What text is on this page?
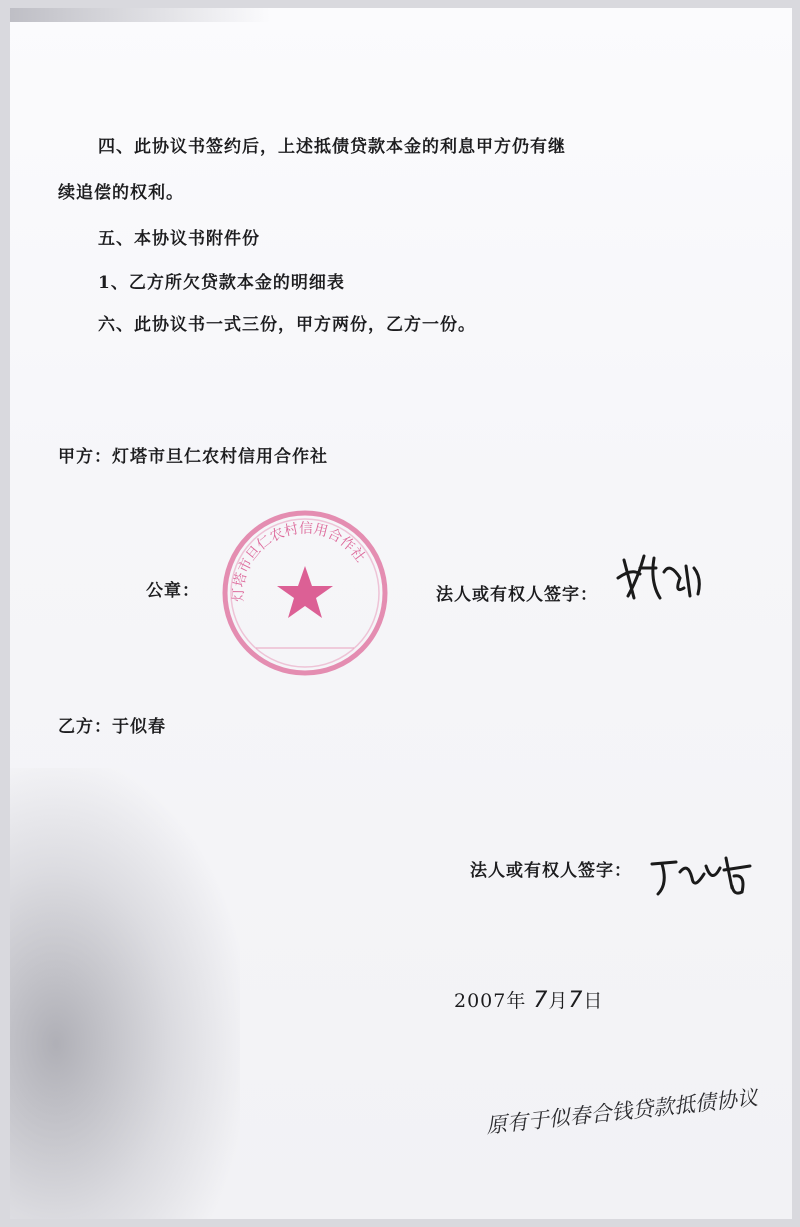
四、此协议书签约后，上述抵债贷款本金的利息甲方仍有继
续追偿的权利。
五、本协议书附件份
1、乙方所欠贷款本金的明细表
六、此协议书一式三份，甲方两份，乙方一份。
甲方：灯塔市旦仁农村信用合作社
公章： 灯塔市旦仁农村信用合作社
法人或有权人签字：
乙方：于似春
法人或有权人签字：
2007年 7月7日
原有于似春合钱贷款抵债协议
